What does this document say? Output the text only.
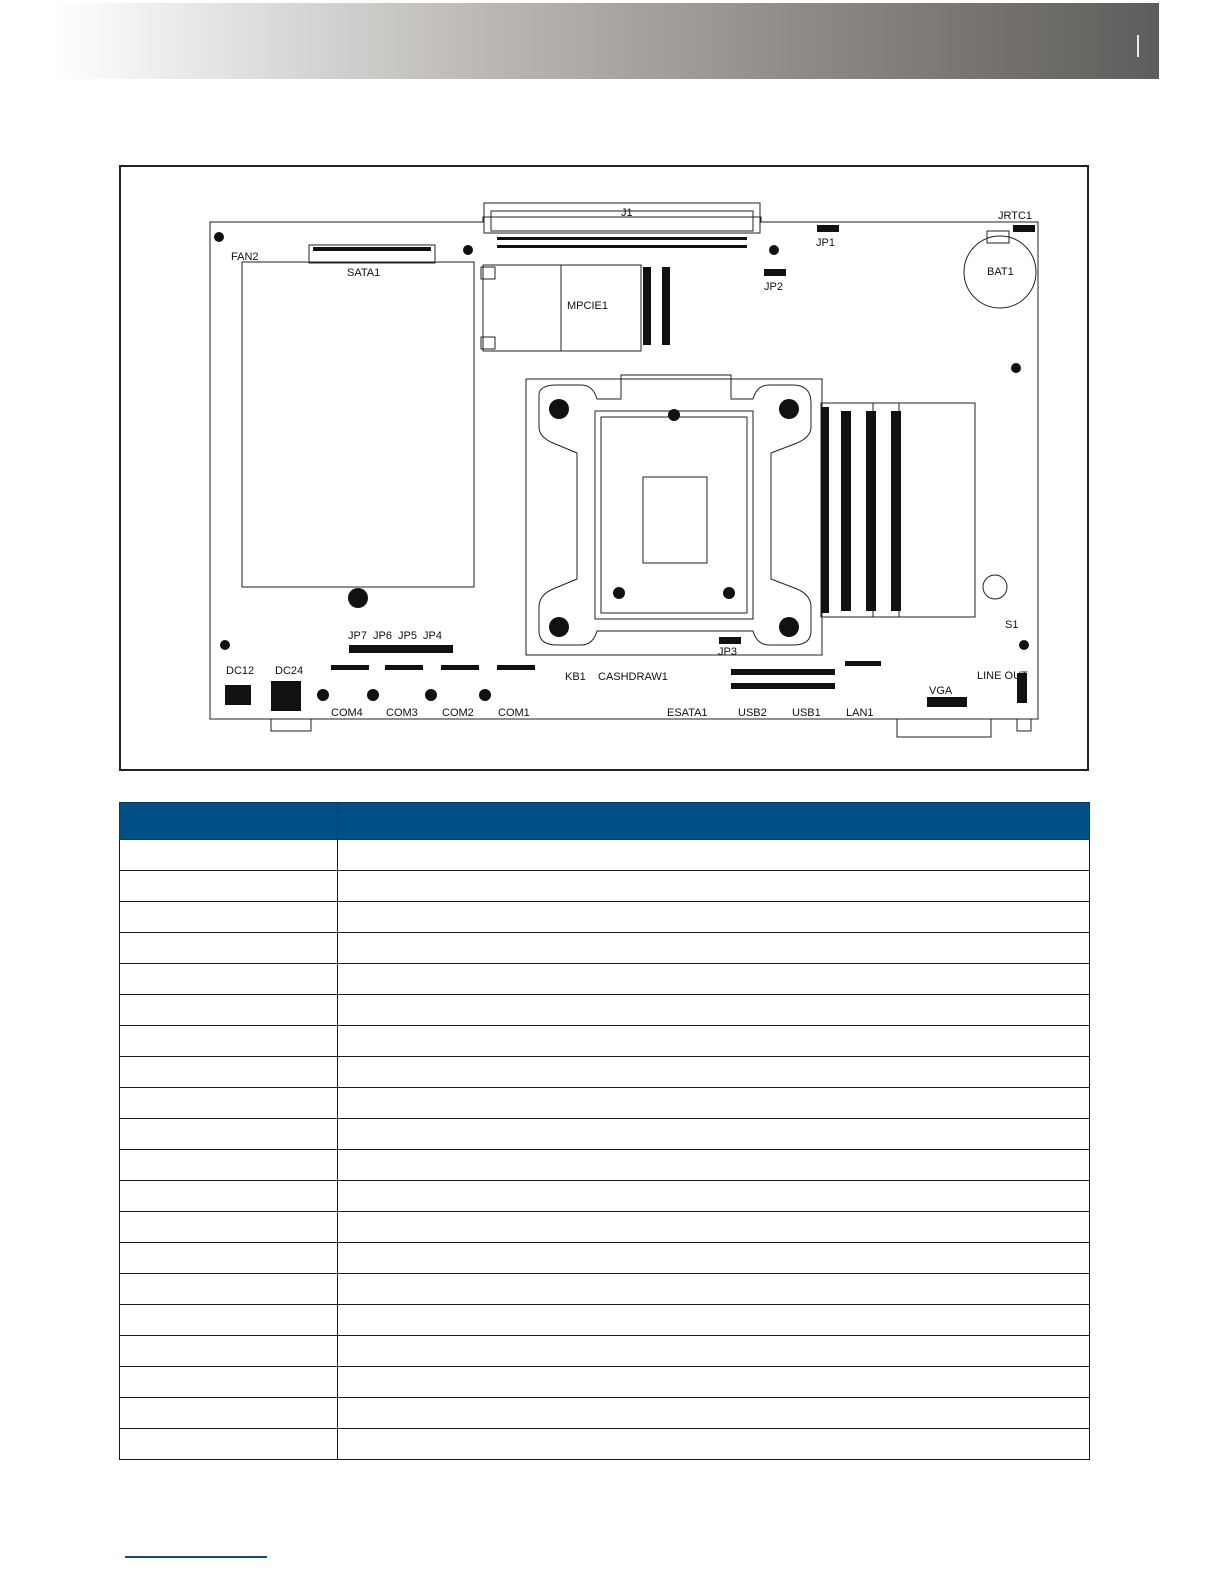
J1	JRTC1
JP1
JP2
FAN2
SATA1
MPCIE1
BAT1
JP7 JP6 JP5 JP4
JP3
S1
DC12 DC24	KB1 CASHDRAW1	LINE OUT
VGA
COM4 COM3 COM2 COM1	ESATA1	USB2 USB1 LAN1
